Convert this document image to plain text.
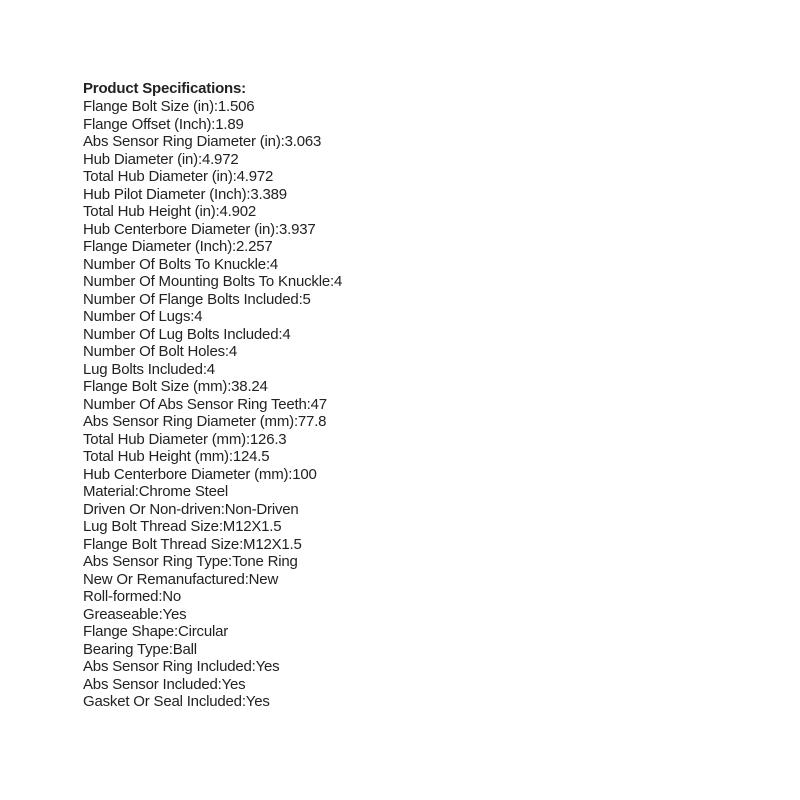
Product Specifications:
Flange Bolt Size (in):1.506
Flange Offset (Inch):1.89
Abs Sensor Ring Diameter (in):3.063
Hub Diameter (in):4.972
Total Hub Diameter (in):4.972
Hub Pilot Diameter (Inch):3.389
Total Hub Height (in):4.902
Hub Centerbore Diameter (in):3.937
Flange Diameter (Inch):2.257
Number Of Bolts To Knuckle:4
Number Of Mounting Bolts To Knuckle:4
Number Of Flange Bolts Included:5
Number Of Lugs:4
Number Of Lug Bolts Included:4
Number Of Bolt Holes:4
Lug Bolts Included:4
Flange Bolt Size (mm):38.24
Number Of Abs Sensor Ring Teeth:47
Abs Sensor Ring Diameter (mm):77.8
Total Hub Diameter (mm):126.3
Total Hub Height (mm):124.5
Hub Centerbore Diameter (mm):100
Material:Chrome Steel
Driven Or Non-driven:Non-Driven
Lug Bolt Thread Size:M12X1.5
Flange Bolt Thread Size:M12X1.5
Abs Sensor Ring Type:Tone Ring
New Or Remanufactured:New
Roll-formed:No
Greaseable:Yes
Flange Shape:Circular
Bearing Type:Ball
Abs Sensor Ring Included:Yes
Abs Sensor Included:Yes
Gasket Or Seal Included:Yes
